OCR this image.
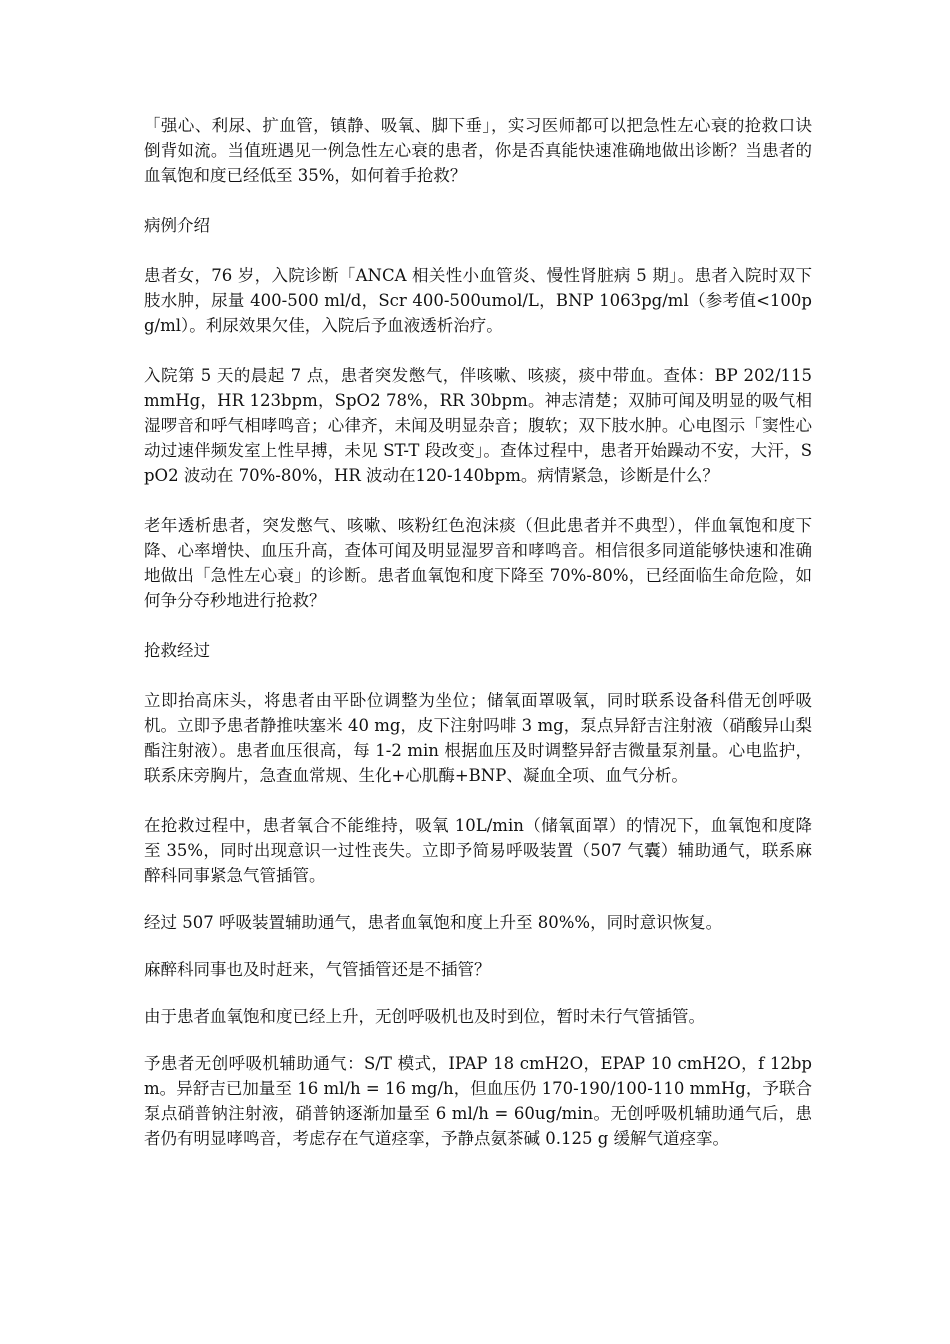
「强心、利尿、扩血管，镇静、吸氧、脚下垂」，实习医师都可以把急性左心衰的抢救口诀倒背如流。当值班遇见一例急性左心衰的患者，你是否真能快速准确地做出诊断？当患者的血氧饱和度已经低至 35%，如何着手抢救？

病例介绍

患者女，76 岁，入院诊断「ANCA 相关性小血管炎、慢性肾脏病 5 期」。患者入院时双下肢水肿，尿量 400-500 ml/d，Scr 400-500umol/L，BNP 1063pg/ml（参考值<100pg/ml）。利尿效果欠佳，入院后予血液透析治疗。

入院第 5 天的晨起 7 点，患者突发憋气，伴咳嗽、咳痰，痰中带血。查体：BP 202/115 mmHg，HR 123bpm，SpO2 78%，RR 30bpm。神志清楚；双肺可闻及明显的吸气相湿啰音和呼气相哮鸣音；心律齐，未闻及明显杂音；腹软；双下肢水肿。心电图示「窦性心动过速伴频发室上性早搏，未见 ST-T 段改变」。查体过程中，患者开始躁动不安，大汗，SpO2 波动在 70%-80%，HR 波动在120-140bpm。病情紧急，诊断是什么？

老年透析患者，突发憋气、咳嗽、咳粉红色泡沫痰（但此患者并不典型），伴血氧饱和度下降、心率增快、血压升高，查体可闻及明显湿罗音和哮鸣音。相信很多同道能够快速和准确地做出「急性左心衰」的诊断。患者血氧饱和度下降至 70%-80%，已经面临生命危险，如何争分夺秒地进行抢救？

抢救经过

立即抬高床头，将患者由平卧位调整为坐位；储氧面罩吸氧，同时联系设备科借无创呼吸机。立即予患者静推呋塞米 40 mg，皮下注射吗啡 3 mg，泵点异舒吉注射液（硝酸异山梨酯注射液）。患者血压很高，每 1-2 min 根据血压及时调整异舒吉微量泵剂量。心电监护，联系床旁胸片，急查血常规、生化+心肌酶+BNP、凝血全项、血气分析。

在抢救过程中，患者氧合不能维持，吸氧 10L/min（储氧面罩）的情况下，血氧饱和度降至 35%，同时出现意识一过性丧失。立即予简易呼吸装置（507 气囊）辅助通气，联系麻醉科同事紧急气管插管。

经过 507 呼吸装置辅助通气，患者血氧饱和度上升至 80%%，同时意识恢复。

麻醉科同事也及时赶来，气管插管还是不插管？

由于患者血氧饱和度已经上升，无创呼吸机也及时到位，暂时未行气管插管。

予患者无创呼吸机辅助通气：S/T 模式，IPAP 18 cmH2O，EPAP 10 cmH2O，f 12bpm。异舒吉已加量至 16 ml/h = 16 mg/h，但血压仍 170-190/100-110 mmHg，予联合泵点硝普钠注射液，硝普钠逐渐加量至 6 ml/h = 60ug/min。无创呼吸机辅助通气后，患者仍有明显哮鸣音，考虑存在气道痉挛，予静点氨茶碱 0.125 g 缓解气道痉挛。
